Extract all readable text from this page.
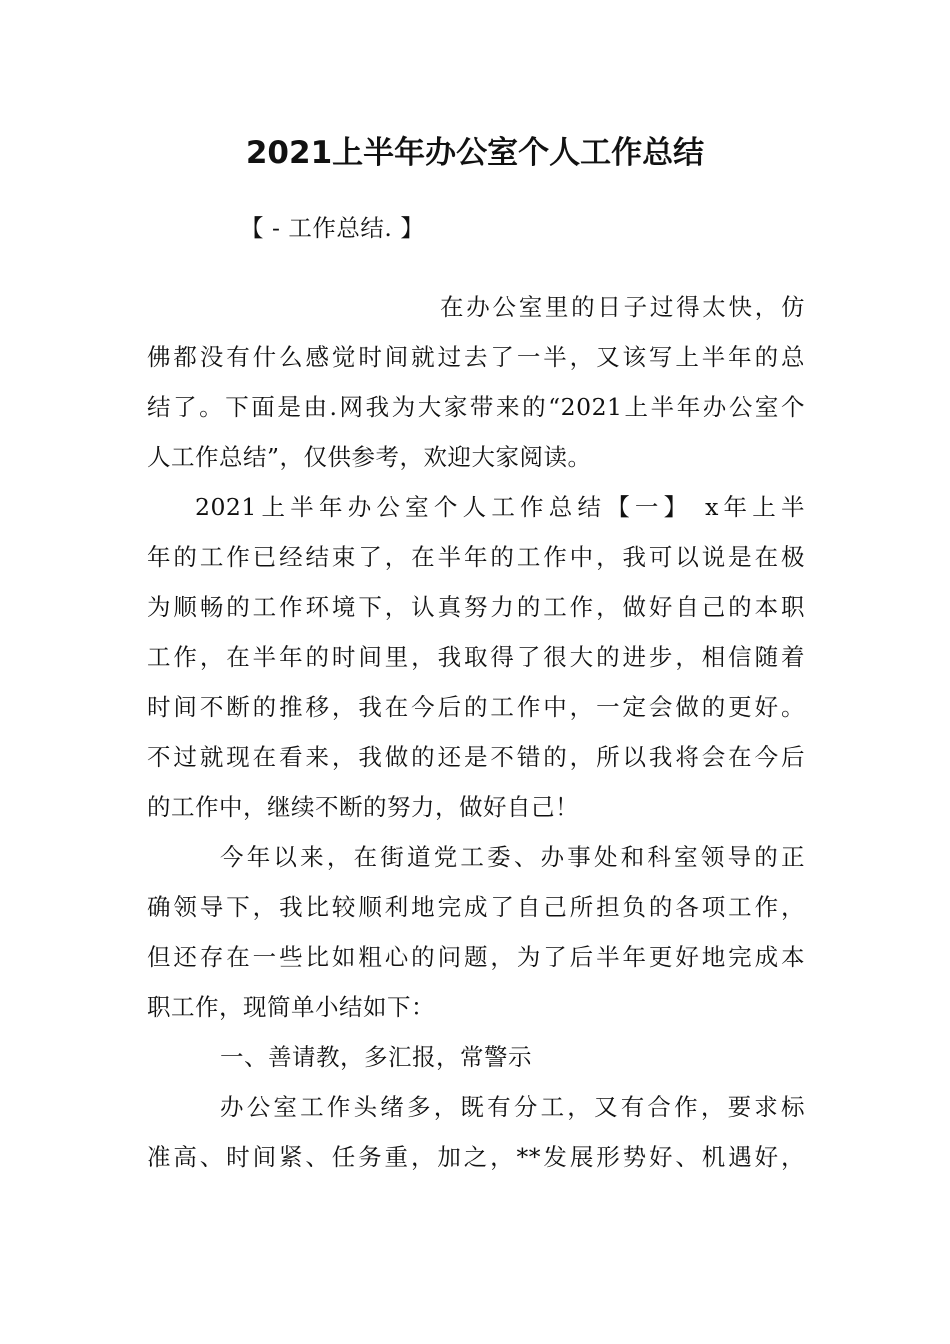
2021上半年办公室个人工作总结
【 - 工作总结. 】
在办公室里的日子过得太快，仿
佛都没有什么感觉时间就过去了一半，又该写上半年的总
结了。下面是由.网我为大家带来的“2021上半年办公室个
人工作总结”，仅供参考，欢迎大家阅读。
2021上半年办公室个人工作总结【一】 x年上半
年的工作已经结束了，在半年的工作中，我可以说是在极
为顺畅的工作环境下，认真努力的工作，做好自己的本职
工作，在半年的时间里，我取得了很大的进步，相信随着
时间不断的推移，我在今后的工作中，一定会做的更好。
不过就现在看来，我做的还是不错的，所以我将会在今后
的工作中，继续不断的努力，做好自己！
今年以来，在街道党工委、办事处和科室领导的正
确领导下，我比较顺利地完成了自己所担负的各项工作，
但还存在一些比如粗心的问题，为了后半年更好地完成本
职工作，现简单小结如下：
一、善请教，多汇报，常警示
办公室工作头绪多，既有分工，又有合作，要求标
准高、时间紧、任务重，加之，**发展形势好、机遇好，
